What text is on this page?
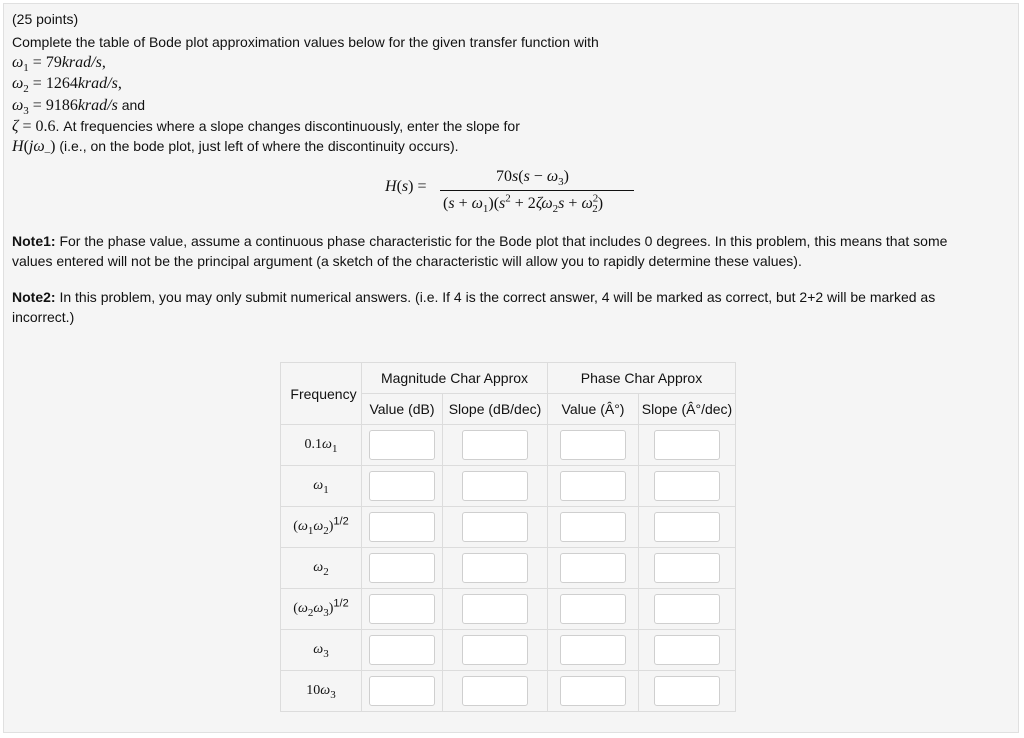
(25 points)
Complete the table of Bode plot approximation values below for the given transfer function with
$\omega_1$ = 79krad/s,
$\omega_2$ = 1264krad/s,
$\omega_3$ = 9186krad/s and
ζ = 0.6. At frequencies where a slope changes discontinuously, enter the slope for
$H(j\omega_-)$ (i.e., on the bode plot, just left of where the discontinuity occurs).
H(s) =
$70s(s - \omega_3)$
$(s + \omega_1)(s^2 + 2\zeta\omega_2s + \omega^2_2)$
Note1: For the phase value, assume a continuous phase characteristic for the Bode plot that includes 0 degrees. In this problem, this means that some
values entered will not be the principal argument (a sketch of the characteristic will allow you to rapidly determine these values).
Note2: In this problem, you may only submit numerical answers. (i.e. If 4 is the correct answer, 4 will be marked as correct, but 2+2 will be marked as
incorrect.)
Frequency	Magnitude Char Approx		Phase Char Approx	
	Value (dB)	Slope (dB/dec)	Value (Â°)	Slope (Â°/dec)
$0.1\omega_1$				
$\omega_1$				
$(\omega_1\omega_2)^{1/2}$				
$\omega_2$				
$(\omega_2\omega_3)^{1/2}$				
$\omega_3$				
$10\omega_3$				
